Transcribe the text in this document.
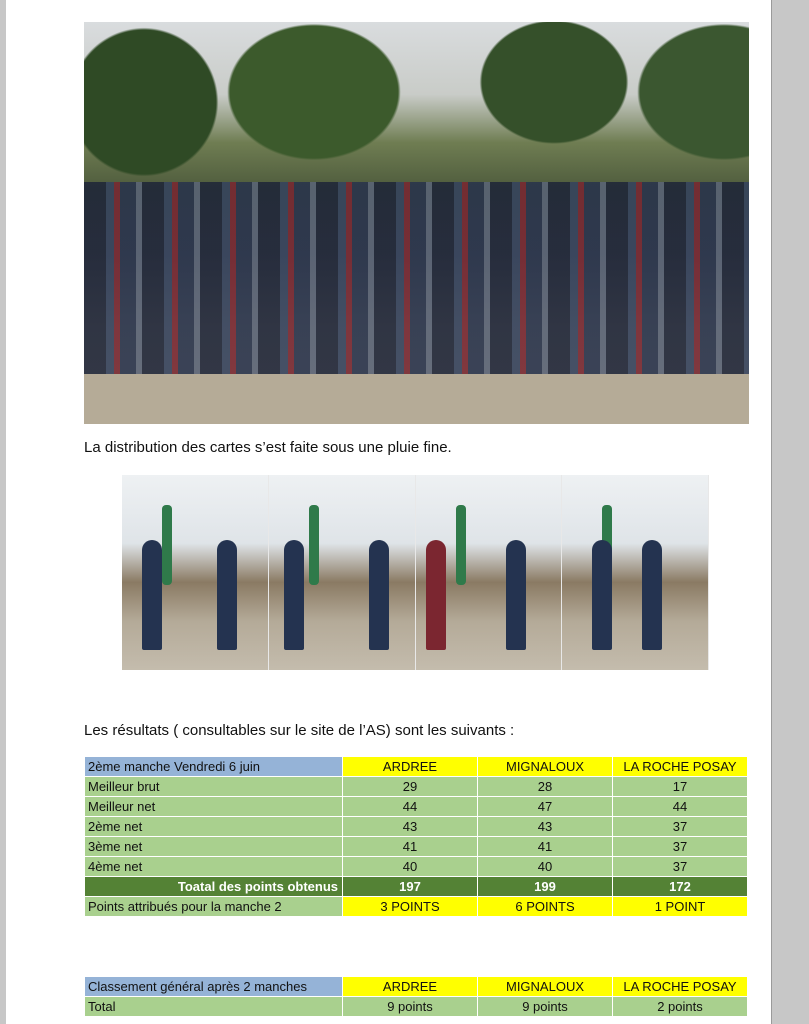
La distribution des cartes s’est faite sous une pluie fine.
Les résultats ( consultables sur le site de l’AS) sont les suivants :
2ème manche Vendredi 6 juin	ARDREE	MIGNALOUX	LA ROCHE POSAY
Meilleur brut	29	28	17
Meilleur net	44	47	44
2ème net	43	43	37
3ème net	41	41	37
4ème net	40	40	37
Toatal des points obtenus	197	199	172
Points attribués pour la manche 2	3 POINTS	6 POINTS	1 POINT

Classement général après 2 manches	ARDREE	MIGNALOUX	LA ROCHE POSAY
Total	9 points	9 points	2 points
